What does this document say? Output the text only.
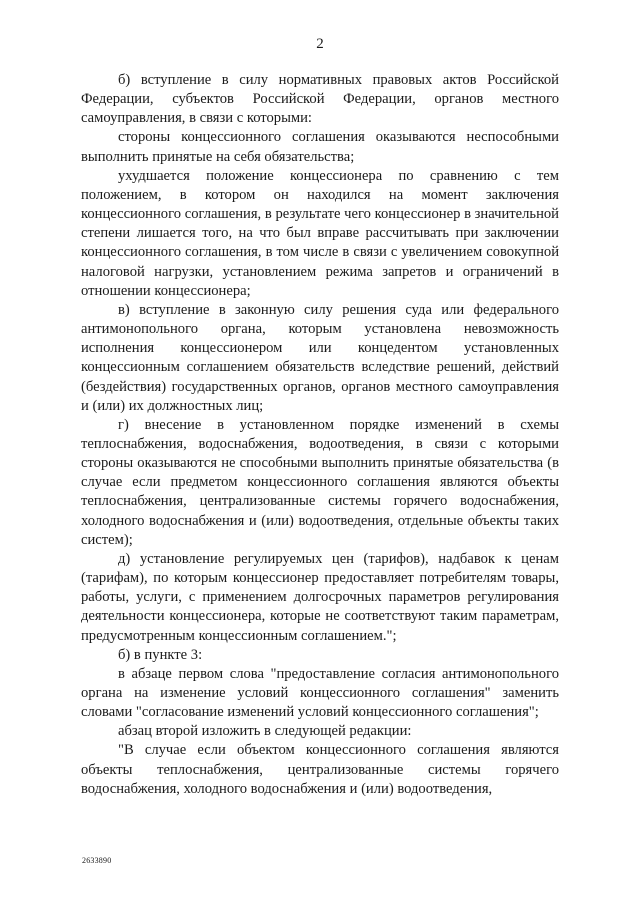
2

б) вступление в силу нормативных правовых актов Российской Федерации, субъектов Российской Федерации, органов местного самоуправления, в связи с которыми:

стороны концессионного соглашения оказываются неспособными выполнить принятые на себя обязательства;

ухудшается положение концессионера по сравнению с тем положением, в котором он находился на момент заключения концессионного соглашения, в результате чего концессионер в значительной степени лишается того, на что был вправе рассчитывать при заключении концессионного соглашения, в том числе в связи с увеличением совокупной налоговой нагрузки, установлением режима запретов и ограничений в отношении концессионера;

в) вступление в законную силу решения суда или федерального антимонопольного органа, которым установлена невозможность исполнения концессионером или концедентом установленных концессионным соглашением обязательств вследствие решений, действий (бездействия) государственных органов, органов местного самоуправления и (или) их должностных лиц;

г) внесение в установленном порядке изменений в схемы теплоснабжения, водоснабжения, водоотведения, в связи с которыми стороны оказываются не способными выполнить принятые обязательства (в случае если предметом концессионного соглашения являются объекты теплоснабжения, централизованные системы горячего водоснабжения, холодного водоснабжения и (или) водоотведения, отдельные объекты таких систем);

д) установление регулируемых цен (тарифов), надбавок к ценам (тарифам), по которым концессионер предоставляет потребителям товары, работы, услуги, с применением долгосрочных параметров регулирования деятельности концессионера, которые не соответствуют таким параметрам, предусмотренным концессионным соглашением.";

б) в пункте 3:

в абзаце первом слова "предоставление согласия антимонопольного органа на изменение условий концессионного соглашения" заменить словами "согласование изменений условий концессионного соглашения";

абзац второй изложить в следующей редакции:

"В случае если объектом концессионного соглашения являются объекты теплоснабжения, централизованные системы горячего водоснабжения, холодного водоснабжения и (или) водоотведения,

2633890
